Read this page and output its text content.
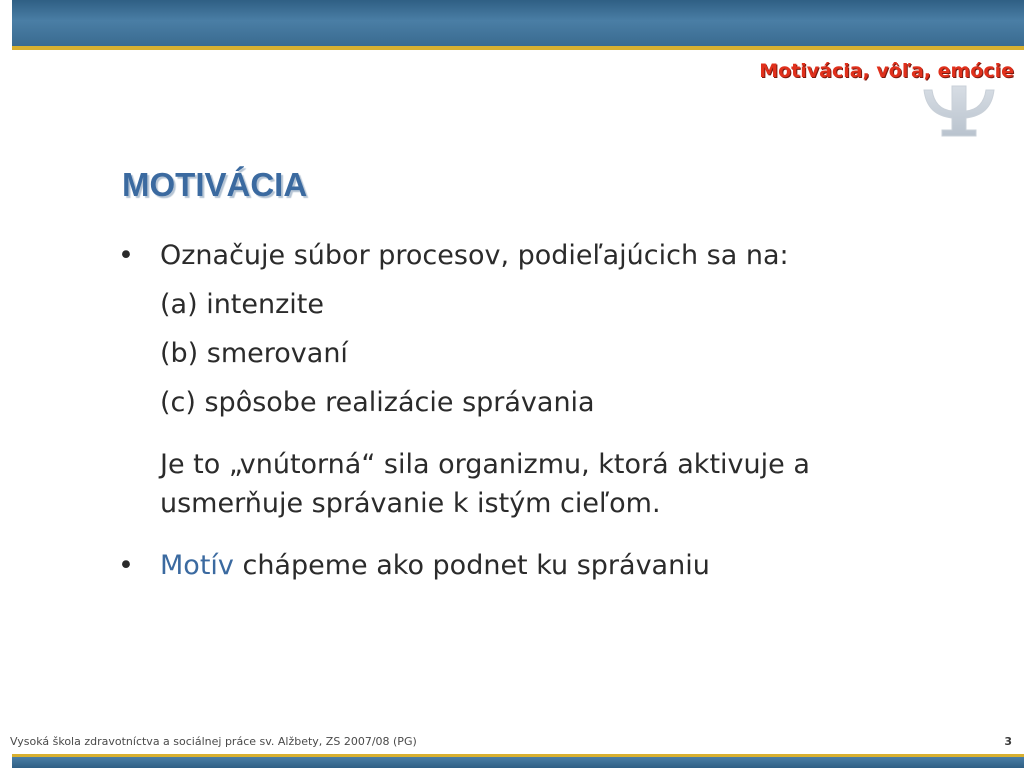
Motivácia, vôľa, emócie
MOTIVÁCIA
• Označuje súbor procesov, podieľajúcich sa na:
(a) intenzite
(b) smerovaní
(c) spôsobe realizácie správania
Je to „vnútorná“ sila organizmu, ktorá aktivuje a
usmerňuje správanie k istým cieľom.
• Motív chápeme ako podnet ku správaniu
Vysoká škola zdravotníctva a sociálnej práce sv. Alžbety, ZS 2007/08 (PG)	3
